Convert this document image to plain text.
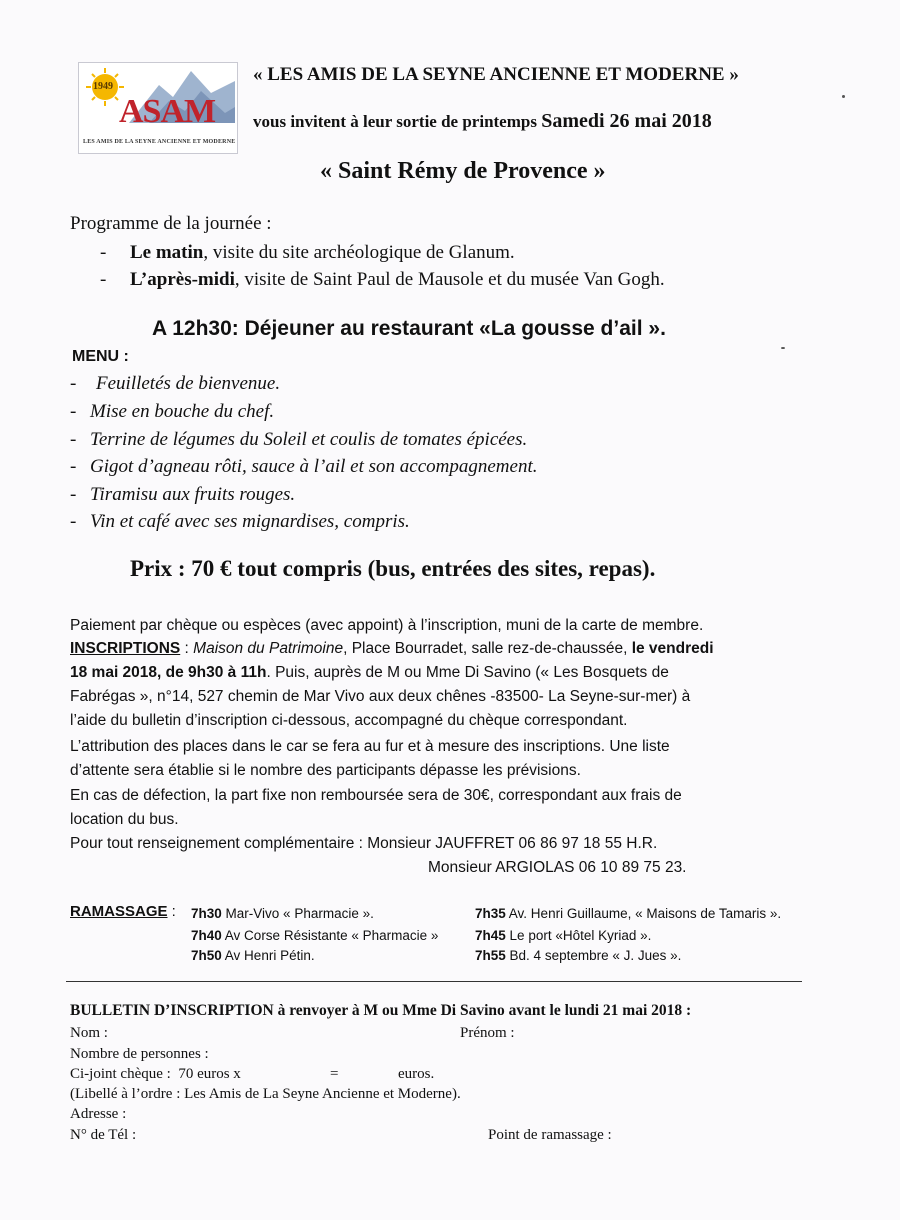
1949
ASAM
LES AMIS DE LA SEYNE ANCIENNE ET MODERNE
« LES AMIS DE LA SEYNE ANCIENNE ET MODERNE »
vous invitent à leur sortie de printemps Samedi 26 mai 2018
« Saint Rémy de Provence »
Programme de la journée :
- Le matin, visite du site archéologique de Glanum.
- L’après-midi, visite de Saint Paul de Mausole et du musée Van Gogh.
A 12h30: Déjeuner au restaurant «La gousse d’ail ».
MENU :
- Feuilletés de bienvenue.
- Mise en bouche du chef.
- Terrine de légumes du Soleil et coulis de tomates épicées.
- Gigot d’agneau rôti, sauce à l’ail et son accompagnement.
- Tiramisu aux fruits rouges.
- Vin et café avec ses mignardises, compris.
Prix : 70 € tout compris (bus, entrées des sites, repas).
Paiement par chèque ou espèces (avec appoint) à l’inscription, muni de la carte de membre.
INSCRIPTIONS : Maison du Patrimoine, Place Bourradet, salle rez-de-chaussée, le vendredi
18 mai 2018, de 9h30 à 11h. Puis, auprès de M ou Mme Di Savino (« Les Bosquets de
Fabrégas », n°14, 527 chemin de Mar Vivo aux deux chênes -83500- La Seyne-sur-mer) à
l’aide du bulletin d’inscription ci-dessous, accompagné du chèque correspondant.
L’attribution des places dans le car se fera au fur et à mesure des inscriptions. Une liste
d’attente sera établie si le nombre des participants dépasse les prévisions.
En cas de défection, la part fixe non remboursée sera de 30€, correspondant aux frais de
location du bus.
Pour tout renseignement complémentaire : Monsieur JAUFFRET 06 86 97 18 55 H.R.
Monsieur ARGIOLAS 06 10 89 75 23.
RAMASSAGE : 7h30 Mar-Vivo « Pharmacie ».	7h35 Av. Henri Guillaume, « Maisons de Tamaris ».
7h40 Av Corse Résistante « Pharmacie »	7h45 Le port «Hôtel Kyriad ».
7h50 Av Henri Pétin.	7h55 Bd. 4 septembre « J. Jues ».
BULLETIN D’INSCRIPTION à renvoyer à M ou Mme Di Savino avant le lundi 21 mai 2018 :
Nom :	Prénom :
Nombre de personnes :
Ci-joint chèque : 70 euros x	=	euros.
(Libellé à l’ordre : Les Amis de La Seyne Ancienne et Moderne).
Adresse :
N° de Tél :	Point de ramassage :
